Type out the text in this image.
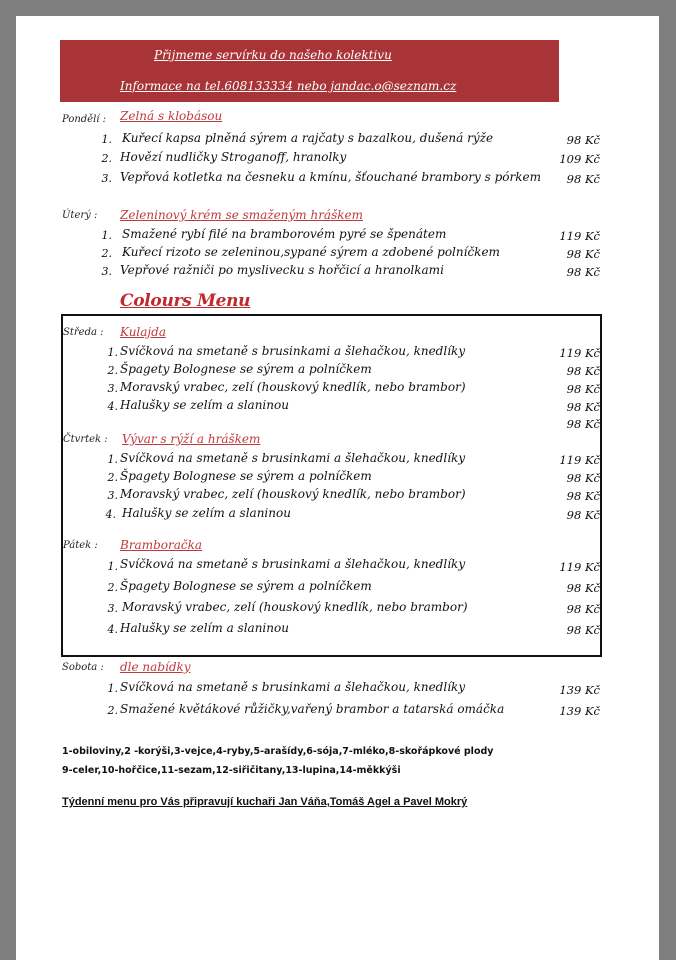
Přijmeme servírku do našeho kolektivu
Informace na tel.608133334 nebo jandac.o@seznam.cz
Pondělí : Zelná s klobásou
1. Kuřecí kapsa plněná sýrem a rajčaty s bazalkou, dušená rýže	98 Kč
2. Hovězí nudličky Stroganoff, hranolky	109 Kč
3. Vepřová kotletka na česneku a kmínu, šťouchané brambory s pórkem	98 Kč
Úterý : Zeleninový krém se smaženým hráškem
1. Smažené rybí filé na bramborovém pyré se špenátem	119 Kč
2. Kuřecí rizoto se zeleninou,sypané sýrem a zdobené polníčkem	98 Kč
3. Vepřové ražniči po myslivecku s hořčicí a hranolkami	98 Kč
Colours Menu
Středa : Kulajda
1. Svíčková na smetaně s brusinkami a šlehačkou, knedlíky	119 Kč
2. Špagety Bolognese se sýrem a polníčkem	98 Kč
3. Moravský vrabec, zelí (houskový knedlík, nebo brambor)	98 Kč
4. Halušky se zelím a slaninou	98 Kč
98 Kč
Čtvrtek : Vývar s rýží a hráškem
1. Svíčková na smetaně s brusinkami a šlehačkou, knedlíky	119 Kč
2. Špagety Bolognese se sýrem a polníčkem	98 Kč
3. Moravský vrabec, zelí (houskový knedlík, nebo brambor)	98 Kč
4. Halušky se zelím a slaninou	98 Kč
Pátek : Bramboračka
1. Svíčková na smetaně s brusinkami a šlehačkou, knedlíky	119 Kč
2. Špagety Bolognese se sýrem a polníčkem	98 Kč
3. Moravský vrabec, zelí (houskový knedlík, nebo brambor)	98 Kč
4. Halušky se zelím a slaninou	98 Kč
Sobota : dle nabídky
1. Svíčková na smetaně s brusinkami a šlehačkou, knedlíky	139 Kč
2. Smažené květákové růžičky,vařený brambor a tatarská omáčka	139 Kč
1-obiloviny,2 -korýši,3-vejce,4-ryby,5-arašídy,6-sója,7-mléko,8-skořápkové plody
9-celer,10-hořčice,11-sezam,12-siřičitany,13-lupina,14-měkkýši
Týdenní menu pro Vás připravují kuchaři Jan Váňa,Tomáš Agel a Pavel Mokrý
